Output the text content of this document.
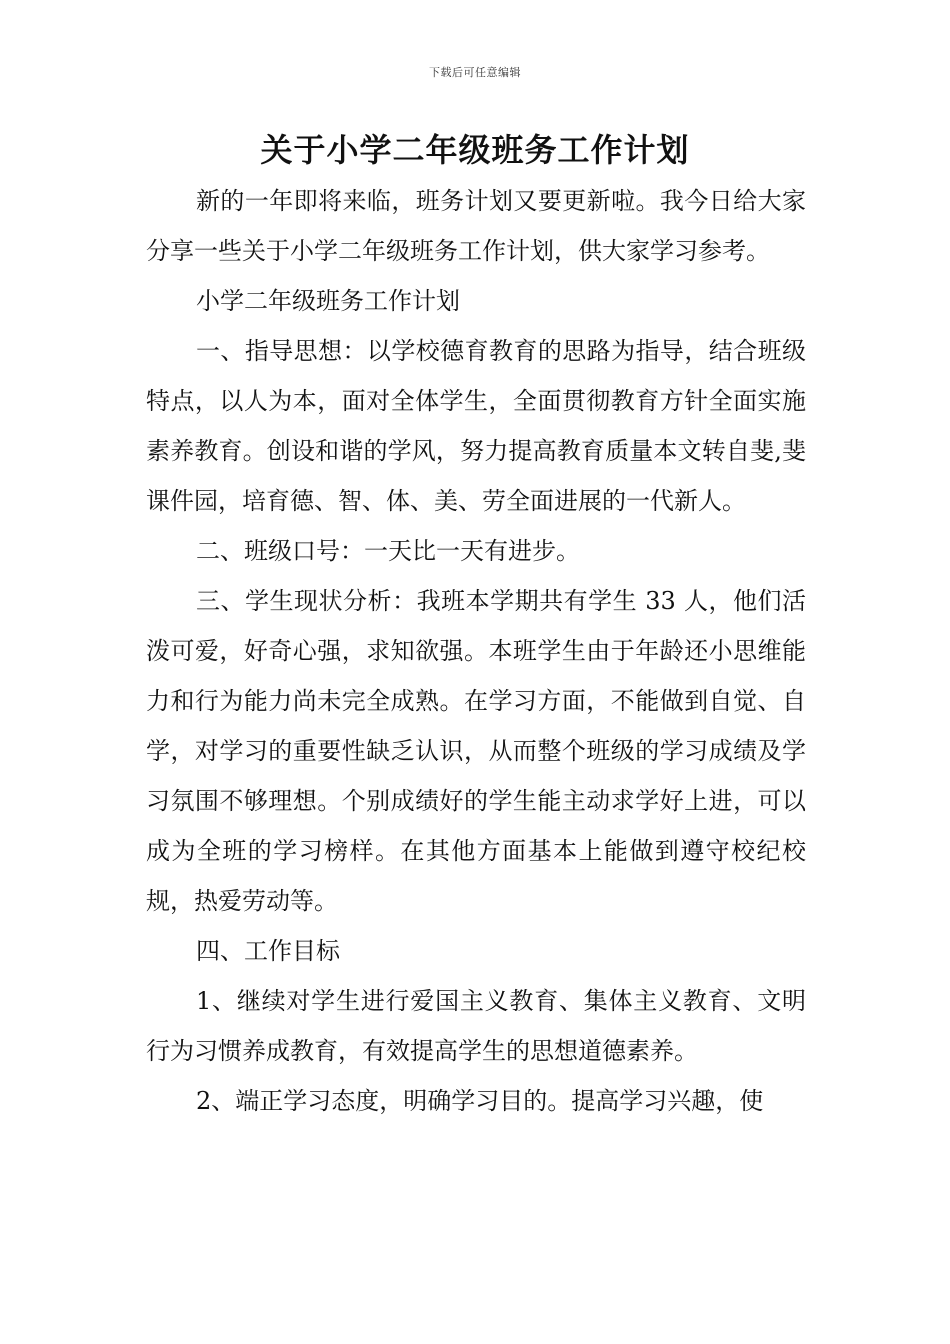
下载后可任意编辑
关于小学二年级班务工作计划

新的一年即将来临，班务计划又要更新啦。我今日给大家分享一些关于小学二年级班务工作计划，供大家学习参考。

小学二年级班务工作计划

一、指导思想：以学校德育教育的思路为指导，结合班级特点，以人为本，面对全体学生，全面贯彻教育方针全面实施素养教育。创设和谐的学风，努力提高教育质量本文转自斐,斐课件园，培育德、智、体、美、劳全面进展的一代新人。

二、班级口号：一天比一天有进步。

三、学生现状分析：我班本学期共有学生 33 人，他们活泼可爱，好奇心强，求知欲强。本班学生由于年龄还小思维能力和行为能力尚未完全成熟。在学习方面，不能做到自觉、自学，对学习的重要性缺乏认识，从而整个班级的学习成绩及学习氛围不够理想。个别成绩好的学生能主动求学好上进，可以成为全班的学习榜样。在其他方面基本上能做到遵守校纪校规，热爱劳动等。

四、工作目标

1、继续对学生进行爱国主义教育、集体主义教育、文明行为习惯养成教育，有效提高学生的思想道德素养。

2、端正学习态度，明确学习目的。提高学习兴趣，使
